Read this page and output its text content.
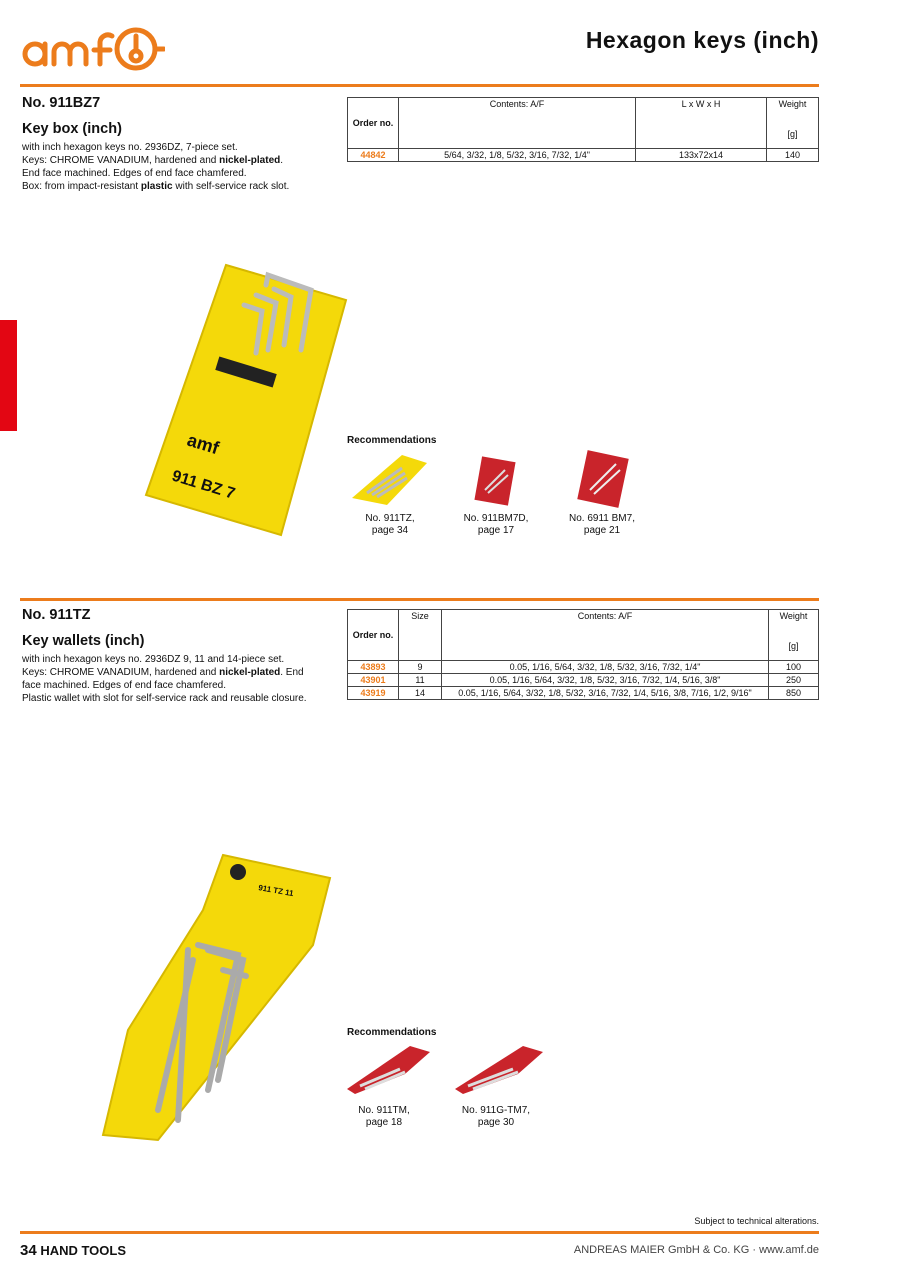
Hexagon keys (inch)
No. 911BZ7
Key box (inch)
with inch hexagon keys no. 2936DZ, 7-piece set.
Keys: CHROME VANADIUM, hardened and nickel-plated.
End face machined. Edges of end face chamfered.
Box: from impact-resistant plastic with self-service rack slot.
Order no.	Contents: A/F	L x W x H	Weight

[g]
44842	5/64, 3/32, 1/8, 5/32, 3/16, 7/32, 1/4"	133x72x14	140
amf
911 BZ 7
Recommendations
No. 911TZ,
page 34
No. 911BM7D,
page 17
No. 6911 BM7,
page 21
No. 911TZ
Key wallets (inch)
with inch hexagon keys no. 2936DZ 9, 11 and 14-piece set.
Keys: CHROME VANADIUM, hardened and nickel-plated. End
face machined. Edges of end face chamfered.
Plastic wallet with slot for self-service rack and reusable closure.
Order no.	Size	Contents: A/F	Weight

[g]
43893	9	0.05, 1/16, 5/64, 3/32, 1/8, 5/32, 3/16, 7/32, 1/4"	100
43901	11	0.05, 1/16, 5/64, 3/32, 1/8, 5/32, 3/16, 7/32, 1/4, 5/16, 3/8"	250
43919	14	0.05, 1/16, 5/64, 3/32, 1/8, 5/32, 3/16, 7/32, 1/4, 5/16, 3/8, 7/16, 1/2, 9/16"	850
911 TZ 11
Recommendations
No. 911TM,
page 18
No. 911G-TM7,
page 30
Subject to technical alterations.
34 HAND TOOLS	ANDREAS MAIER GmbH & Co. KG · www.amf.de
